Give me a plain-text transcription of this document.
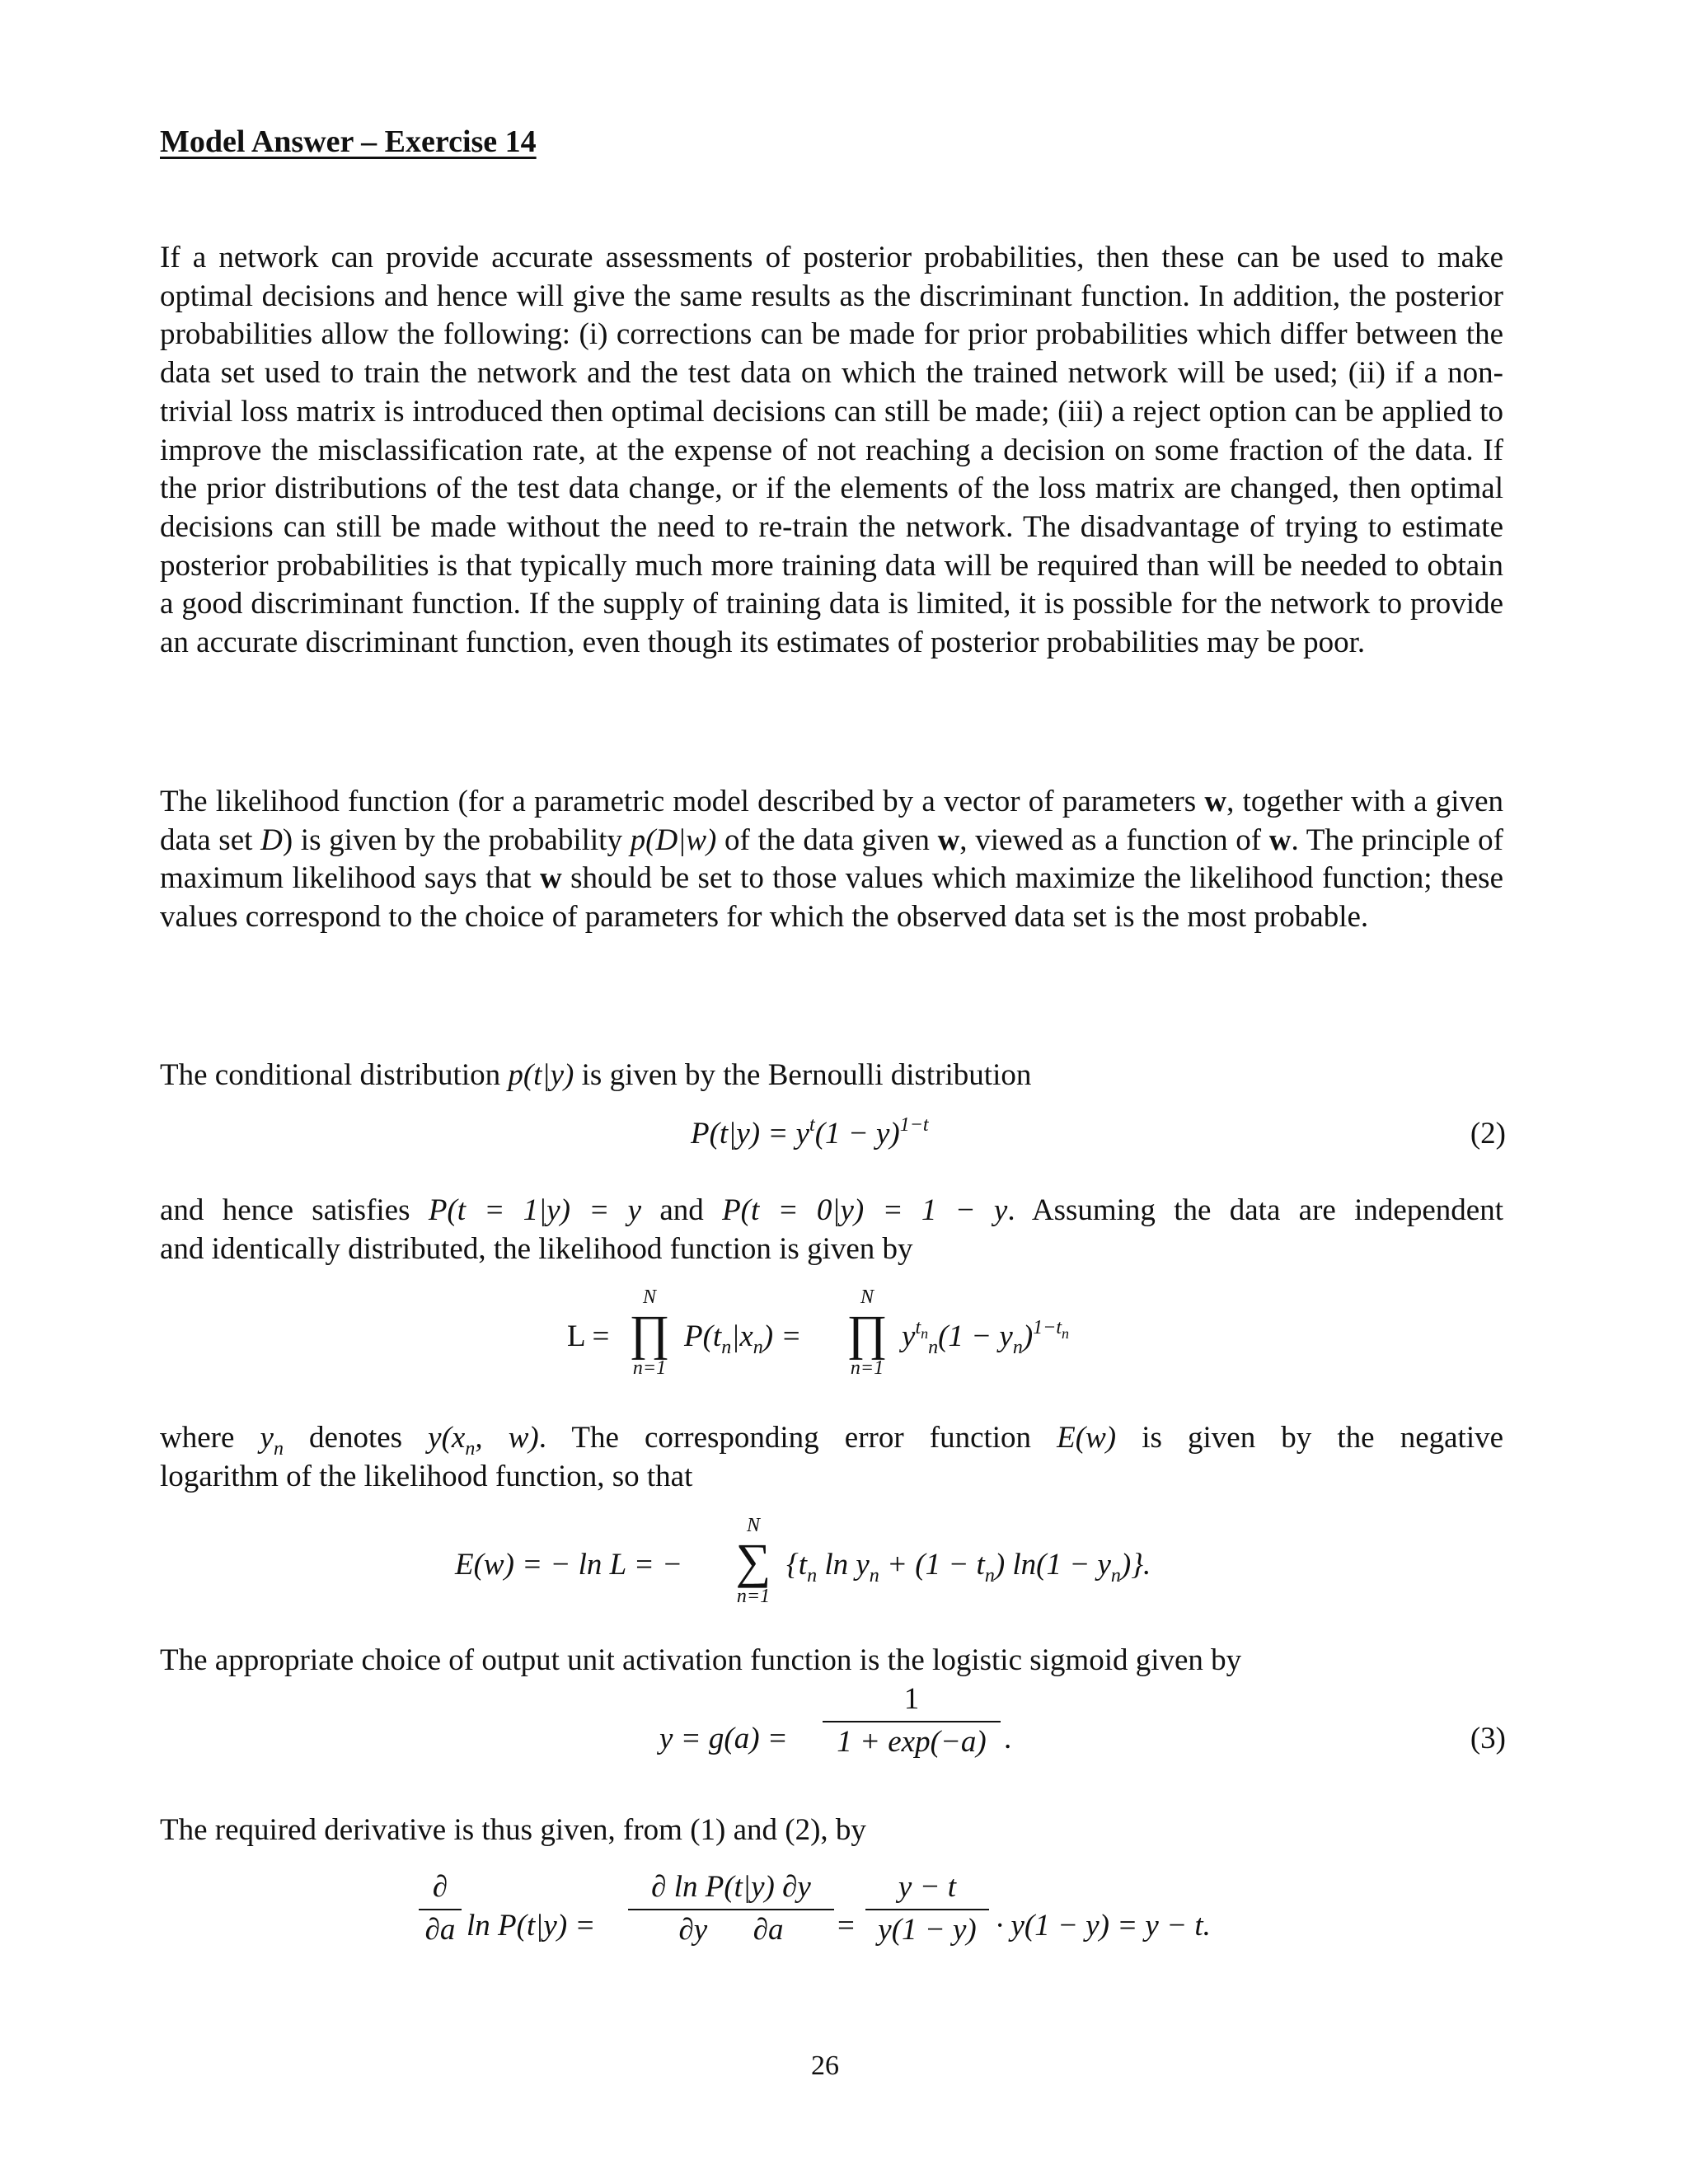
Model Answer – Exercise 14

If a network can provide accurate assessments of posterior probabilities, then these can be used to make optimal decisions and hence will give the same results as the discriminant function. In addition, the posterior probabilities allow the following: (i) corrections can be made for prior probabilities which differ between the data set used to train the network and the test data on which the trained network will be used; (ii) if a non-trivial loss matrix is introduced then optimal decisions can still be made; (iii) a reject option can be applied to improve the misclassification rate, at the expense of not reaching a decision on some fraction of the data. If the prior distributions of the test data change, or if the elements of the loss matrix are changed, then optimal decisions can still be made without the need to re-train the network. The disadvantage of trying to estimate posterior probabilities is that typically much more training data will be required than will be needed to obtain a good discriminant function. If the supply of training data is limited, it is possible for the network to provide an accurate discriminant function, even though its estimates of posterior probabilities may be poor.

The likelihood function (for a parametric model described by a vector of parameters w, together with a given data set D) is given by the probability p(D|w) of the data given w, viewed as a function of w. The principle of maximum likelihood says that w should be set to those values which maximize the likelihood function; these values correspond to the choice of parameters for which the observed data set is the most probable.

The conditional distribution p(t|y) is given by the Bernoulli distribution
$P(t|y) = y^t(1 - y)^{1-t}$	(2)
and hence satisfies P(t = 1|y) = y and P(t = 0|y) = 1 − y. Assuming the data are independent
and identically distributed, the likelihood function is given by
L =
N
∏
n=1
$P(t_n|x_n)$ =
N
∏
n=1
$y^{t_n}_n(1 - y_n)^{1-t_n}$
where $y_n$ denotes $y(x_n$, w). The corresponding error function E(w) is given by the negative
logarithm of the likelihood function, so that
E(w) = − ln L = −
N
∑
n=1
{$t_n$ $\ln y_n + (1 - t_n) \ln(1 - y_n)$}.
The appropriate choice of output unit activation function is the logistic sigmoid given by
y = g(a) =
1
1 + exp(−a) .	(3)
The required derivative is thus given, from (1) and (2), by
∂
∂a ln P(t|y) =
∂ ln P(t|y) ∂y
∂y      ∂a	=
y − t
y(1 − y) · y(1 − y) = y − t.
26
